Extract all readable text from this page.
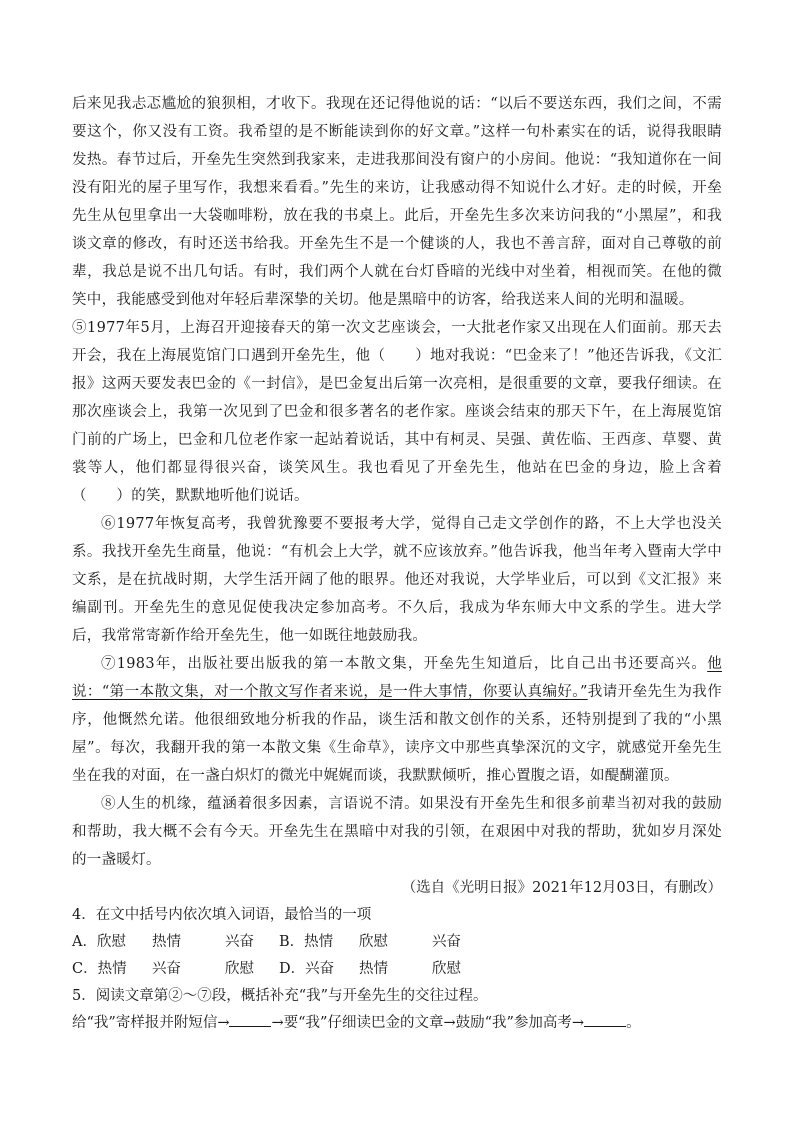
后来见我忐忑尴尬的狼狈相，才收下。我现在还记得他说的话：“以后不要送东西，我们之间，不需要这个，你又没有工资。我希望的是不断能读到你的好文章。”这样一句朴素实在的话，说得我眼睛发热。春节过后，开垒先生突然到我家来，走进我那间没有窗户的小房间。他说：“我知道你在一间没有阳光的屋子里写作，我想来看看。”先生的来访，让我感动得不知说什么才好。走的时候，开垒先生从包里拿出一大袋咖啡粉，放在我的书桌上。此后，开垒先生多次来访问我的“小黑屋”，和我谈文章的修改，有时还送书给我。开垒先生不是一个健谈的人，我也不善言辞，面对自己尊敬的前辈，我总是说不出几句话。有时，我们两个人就在台灯昏暗的光线中对坐着，相视而笑。在他的微笑中，我能感受到他对年轻后辈深挚的关切。他是黑暗中的访客，给我送来人间的光明和温暖。

⑤1977年5月，上海召开迎接春天的第一次文艺座谈会，一大批老作家又出现在人们面前。那天去开会，我在上海展览馆门口遇到开垒先生，他（　　）地对我说：“巴金来了！”他还告诉我，《文汇报》这两天要发表巴金的《一封信》，是巴金复出后第一次亮相，是很重要的文章，要我仔细读。在那次座谈会上，我第一次见到了巴金和很多著名的老作家。座谈会结束的那天下午，在上海展览馆门前的广场上，巴金和几位老作家一起站着说话，其中有柯灵、吴强、黄佐临、王西彦、草婴、黄裳等人，他们都显得很兴奋，谈笑风生。我也看见了开垒先生，他站在巴金的身边，脸上含着（　　）的笑，默默地听他们说话。

⑥1977年恢复高考，我曾犹豫要不要报考大学，觉得自己走文学创作的路，不上大学也没关系。我找开垒先生商量，他说：“有机会上大学，就不应该放弃。”他告诉我，他当年考入暨南大学中文系，是在抗战时期，大学生活开阔了他的眼界。他还对我说，大学毕业后，可以到《文汇报》来编副刊。开垒先生的意见促使我决定参加高考。不久后，我成为华东师大中文系的学生。进大学后，我常常寄新作给开垒先生，他一如既往地鼓励我。

⑦1983年，出版社要出版我的第一本散文集，开垒先生知道后，比自己出书还要高兴。他说：“第一本散文集，对一个散文写作者来说，是一件大事情，你要认真编好。”我请开垒先生为我作序，他慨然允诺。他很细致地分析我的作品，谈生活和散文创作的关系，还特别提到了我的“小黑屋”。每次，我翻开我的第一本散文集《生命草》，读序文中那些真挚深沉的文字，就感觉开垒先生坐在我的对面，在一盏白炽灯的微光中娓娓而谈，我默默倾听，推心置腹之语，如醍醐灌顶。

⑧人生的机缘，蕴涵着很多因素，言语说不清。如果没有开垒先生和很多前辈当初对我的鼓励和帮助，我大概不会有今天。开垒先生在黑暗中对我的引领，在艰困中对我的帮助，犹如岁月深处的一盏暖灯。

（选自《光明日报》2021年12月03日，有删改）

4．在文中括号内依次填入词语，最恰当的一项

A．欣慰	热情	兴奋 B．热情	欣慰	兴奋
C．热情	兴奋	欣慰 D．兴奋	热情	欣慰

5．阅读文章第②～⑦段，概括补充“我”与开垒先生的交往过程。

给“我”寄样报并附短信→	→要“我”仔细读巴金的文章→鼓励“我”参加高考→	。
